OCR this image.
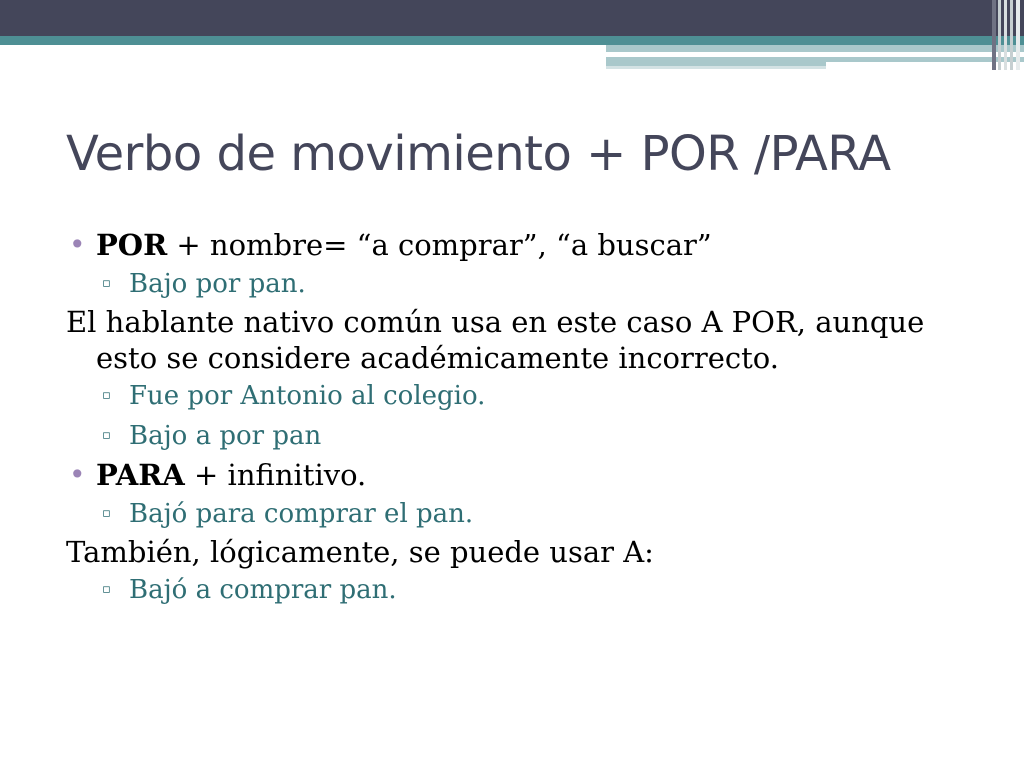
Verbo de movimiento + POR /PARA

• POR + nombre= “a comprar”, “a buscar”

▫ Bajo por pan.

El hablante nativo común usa en este caso A POR, aunque esto se considere académicamente incorrecto.

▫ Fue por Antonio al colegio.

▫ Bajo a por pan

• PARA + infinitivo.

▫ Bajó para comprar el pan.

También, lógicamente, se puede usar A:

▫ Bajó a comprar pan.
